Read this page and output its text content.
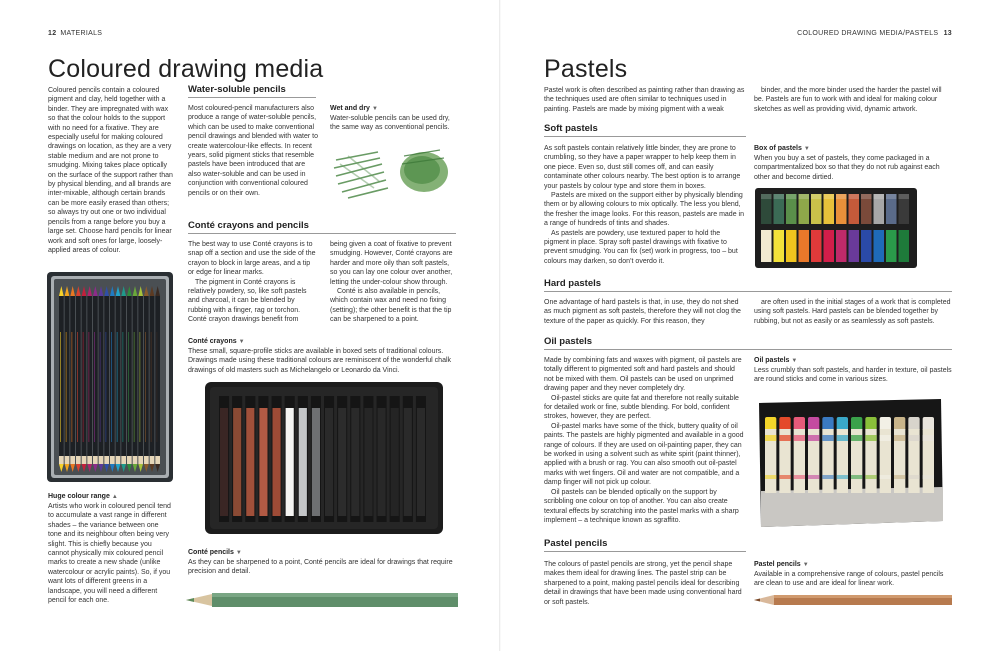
12 MATERIALS
Coloured drawing media

Coloured pencils contain a coloured pigment and clay, held together with a binder. They are impregnated with wax so that the colour holds to the support with no need for a fixative. They are especially useful for making coloured drawings on location, as they are a very stable medium and are not prone to smudging. Mixing takes place optically on the surface of the support rather than by physical blending, and all brands are inter-mixable, although certain brands can be more easily erased than others; so always try out one or two individual pencils from a range before you buy a large set. Choose hard pencils for linear work and soft ones for large, loosely-applied areas of colour.

Huge colour range ▲

Artists who work in coloured pencil tend to accumulate a vast range in different shades – the variance between one tone and its neighbour often being very slight. This is chiefly because you cannot physically mix coloured pencil marks to create a new shade (unlike watercolour or acrylic paints). So, if you want lots of different greens in a landscape, you will need a different pencil for each one.

Water-soluble pencils

Most coloured-pencil manufacturers also produce a range of water-soluble pencils, which can be used to make conventional pencil drawings and blended with water to create watercolour-like effects. In recent years, solid pigment sticks that resemble pastels have been introduced that are also water-soluble and can be used in conjunction with conventional coloured pencils or on their own.

Wet and dry ▼

Water-soluble pencils can be used dry, the same way as conventional pencils.

Conté crayons and pencils

The best way to use Conté crayons is to snap off a section and use the side of the crayon to block in large areas, and a tip or edge for linear marks.

The pigment in Conté crayons is relatively powdery, so, like soft pastels and charcoal, it can be blended by rubbing with a finger, rag or torchon. Conté crayon drawings benefit from

being given a coat of fixative to prevent smudging. However, Conté crayons are harder and more oily than soft pastels, so you can lay one colour over another, letting the under-colour show through.

Conté is also available in pencils, which contain wax and need no fixing (setting); the other benefit is that the tip can be sharpened to a point.

Conté crayons ▼

These small, square-profile sticks are available in boxed sets of traditional colours. Drawings made using these traditional colours are reminiscent of the wonderful chalk drawings of old masters such as Michelangelo or Leonardo da Vinci.

Conté pencils ▼

As they can be sharpened to a point, Conté pencils are ideal for drawings that require precision and detail.

COLOURED DRAWING MEDIA/PASTELS 13
Pastels

Pastel work is often described as painting rather than drawing as the techniques used are often similar to techniques used in painting. Pastels are made by mixing pigment with a weak

binder, and the more binder used the harder the pastel will be. Pastels are fun to work with and ideal for making colour sketches as well as providing vivid, dynamic artwork.

Soft pastels

As soft pastels contain relatively little binder, they are prone to crumbling, so they have a paper wrapper to help keep them in one piece. Even so, dust still comes off, and can easily contaminate other colours nearby. The best option is to arrange your pastels by colour type and store them in boxes.

Pastels are mixed on the support either by physically blending them or by allowing colours to mix optically. The less you blend, the fresher the image looks. For this reason, pastels are made in a range of hundreds of tints and shades.

As pastels are powdery, use textured paper to hold the pigment in place. Spray soft pastel drawings with fixative to prevent smudging. You can fix (set) work in progress, too – but colours may darken, so don’t overdo it.

Box of pastels ▼

When you buy a set of pastels, they come packaged in a compartmentalized box so that they do not rub against each other and become dirtied.

Hard pastels

One advantage of hard pastels is that, in use, they do not shed as much pigment as soft pastels, therefore they will not clog the texture of the paper as quickly. For this reason, they

are often used in the initial stages of a work that is completed using soft pastels. Hard pastels can be blended together by rubbing, but not as easily or as seamlessly as soft pastels.

Oil pastels

Made by combining fats and waxes with pigment, oil pastels are totally different to pigmented soft and hard pastels and should not be mixed with them. Oil pastels can be used on unprimed drawing paper and they never completely dry.

Oil-pastel sticks are quite fat and therefore not really suitable for detailed work or fine, subtle blending. For bold, confident strokes, however, they are perfect.

Oil-pastel marks have some of the thick, buttery quality of oil paints. The pastels are highly pigmented and available in a good range of colours. If they are used on oil-painting paper, they can be worked in using a solvent such as white spirit (paint thinner), applied with a brush or rag. You can also smooth out oil-pastel marks with wet fingers. Oil and water are not compatible, and a damp finger will not pick up colour.

Oil pastels can be blended optically on the support by scribbling one colour on top of another. You can also create textural effects by scratching into the pastel marks with a sharp implement – a technique known as sgraffito.

Oil pastels ▼

Less crumbly than soft pastels, and harder in texture, oil pastels are round sticks and come in various sizes.

Pastel pencils

The colours of pastel pencils are strong, yet the pencil shape makes them ideal for drawing lines. The pastel strip can be sharpened to a point, making pastel pencils ideal for describing detail in drawings that have been made using conventional hard or soft pastels.

Pastel pencils ▼

Available in a comprehensive range of colours, pastel pencils are clean to use and are ideal for linear work.
